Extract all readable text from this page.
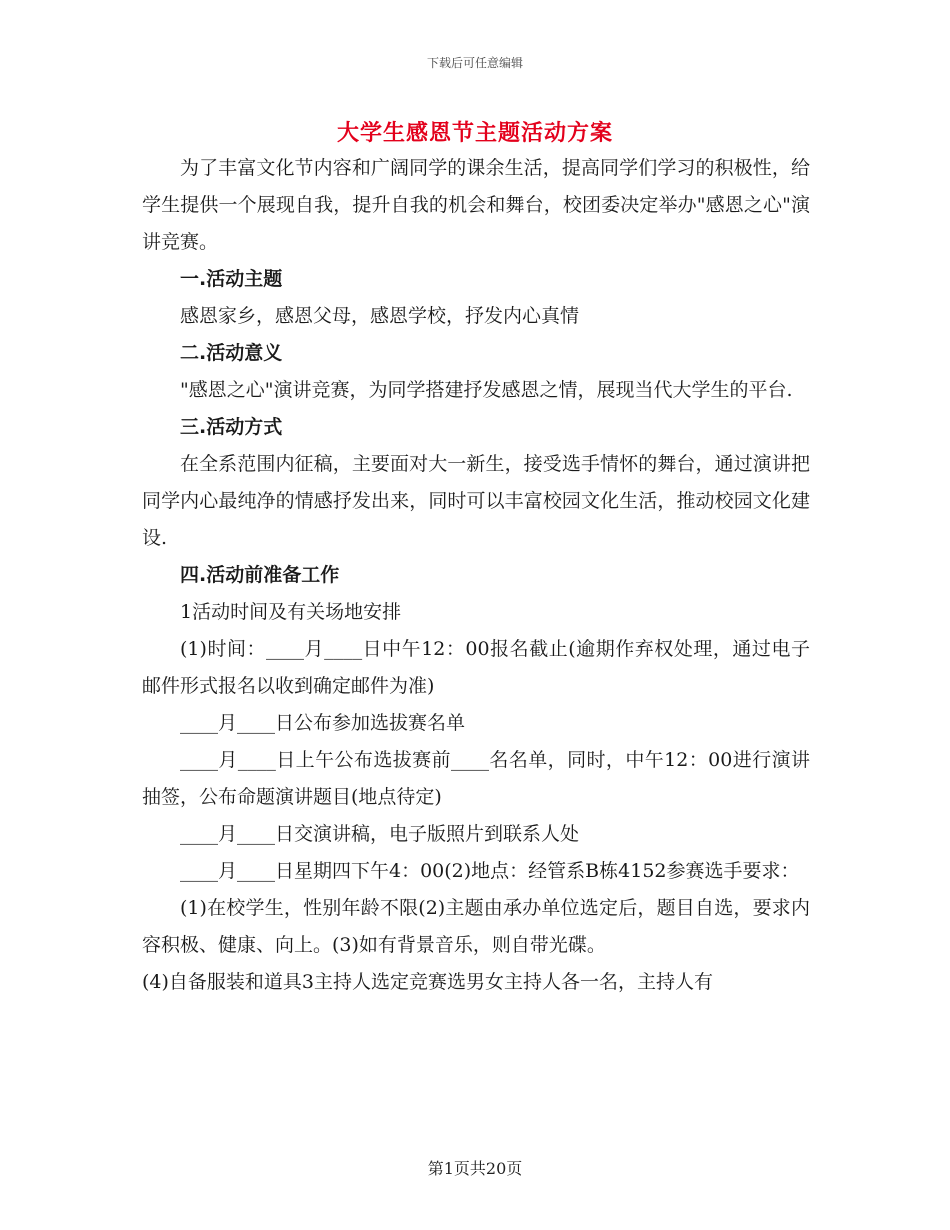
下载后可任意编辑
大学生感恩节主题活动方案

为了丰富文化节内容和广阔同学的课余生活，提高同学们学习的积极性，给学生提供一个展现自我，提升自我的机会和舞台，校团委决定举办"感恩之心"演讲竞赛。

一.活动主题

感恩家乡，感恩父母，感恩学校，抒发内心真情

二.活动意义

"感恩之心"演讲竞赛，为同学搭建抒发感恩之情，展现当代大学生的平台.

三.活动方式

在全系范围内征稿，主要面对大一新生，接受选手情怀的舞台，通过演讲把同学内心最纯净的情感抒发出来，同时可以丰富校园文化生活，推动校园文化建设.

四.活动前准备工作

1活动时间及有关场地安排

(1)时间：____月____日中午12：00报名截止(逾期作弃权处理，通过电子邮件形式报名以收到确定邮件为准)

____月____日公布参加选拔赛名单

____月____日上午公布选拔赛前____名名单，同时，中午12：00进行演讲抽签，公布命题演讲题目(地点待定)

____月____日交演讲稿，电子版照片到联系人处

____月____日星期四下午4：00(2)地点：经管系B栋4152参赛选手要求：

(1)在校学生，性别年龄不限(2)主题由承办单位选定后，题目自选，要求内容积极、健康、向上。(3)如有背景音乐，则自带光碟。

(4)自备服装和道具3主持人选定竞赛选男女主持人各一名，主持人有

第1页共20页
